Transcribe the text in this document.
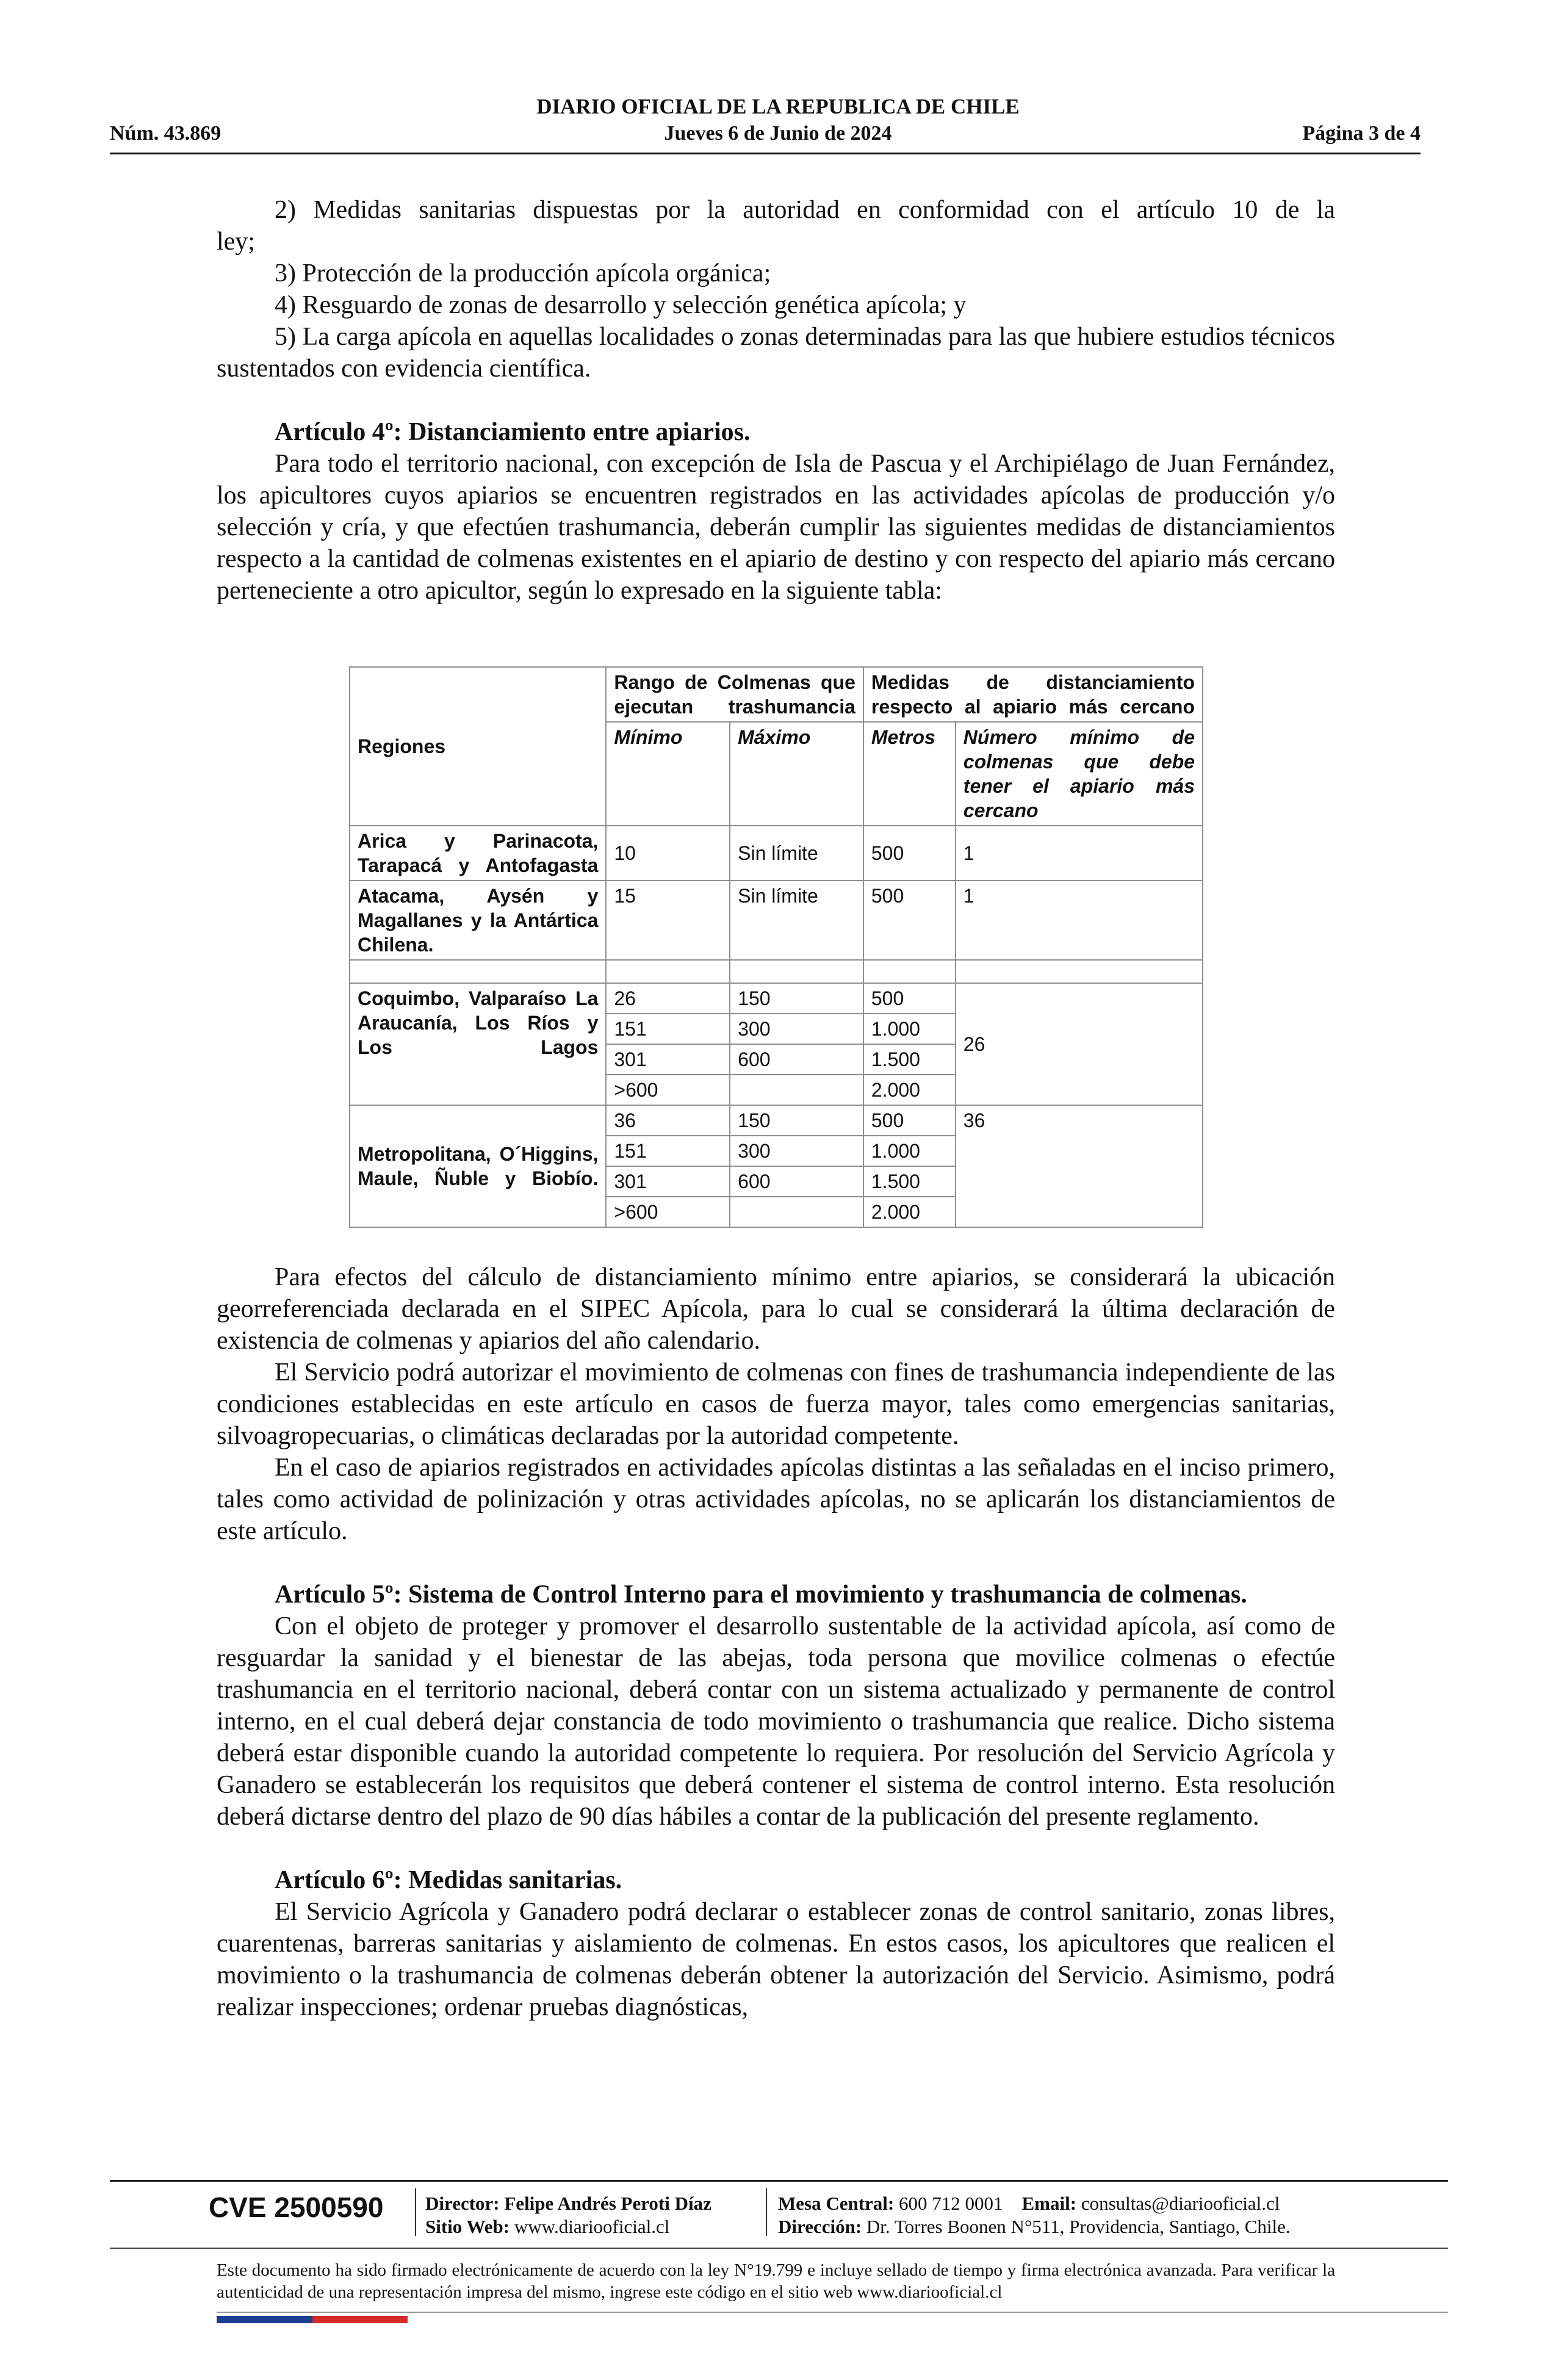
DIARIO OFICIAL DE LA REPUBLICA DE CHILE
Jueves 6 de Junio de 2024
Núm. 43.869	Página 3 de 4

2) Medidas sanitarias dispuestas por la autoridad en conformidad con el artículo 10 de la

ley;

3) Protección de la producción apícola orgánica;

4) Resguardo de zonas de desarrollo y selección genética apícola; y

5) La carga apícola en aquellas localidades o zonas determinadas para las que hubiere estudios técnicos sustentados con evidencia científica.

Artículo 4º: Distanciamiento entre apiarios.

Para todo el territorio nacional, con excepción de Isla de Pascua y el Archipiélago de Juan Fernández, los apicultores cuyos apiarios se encuentren registrados en las actividades apícolas de producción y/o selección y cría, y que efectúen trashumancia, deberán cumplir las siguientes medidas de distanciamientos respecto a la cantidad de colmenas existentes en el apiario de destino y con respecto del apiario más cercano perteneciente a otro apicultor, según lo expresado en la siguiente tabla:

Regiones	Rango de Colmenas que ejecutan trashumancia		Medidas de distanciamiento respecto al apiario más cercano	
	Mínimo	Máximo	Metros	Número mínimo de colmenas que debe tener el apiario más cercano
Arica y Parinacota, Tarapacá y Antofagasta	10	Sin límite	500	1
Atacama, Aysén y Magallanes y la Antártica Chilena.	15	Sin límite	500	1

Coquimbo, Valparaíso La Araucanía, Los Ríos y Los Lagos	26	150	500	26
	151	300	1.000	
	301	600	1.500	
	>600		2.000	
Metropolitana, O´Higgins, Maule, Ñuble y Biobío.	36	150	500	36
	151	300	1.000	
	301	600	1.500	
	>600		2.000	

Para efectos del cálculo de distanciamiento mínimo entre apiarios, se considerará la ubicación georreferenciada declarada en el SIPEC Apícola, para lo cual se considerará la última declaración de existencia de colmenas y apiarios del año calendario.

El Servicio podrá autorizar el movimiento de colmenas con fines de trashumancia independiente de las condiciones establecidas en este artículo en casos de fuerza mayor, tales como emergencias sanitarias, silvoagropecuarias, o climáticas declaradas por la autoridad competente.

En el caso de apiarios registrados en actividades apícolas distintas a las señaladas en el inciso primero, tales como actividad de polinización y otras actividades apícolas, no se aplicarán los distanciamientos de este artículo.

Artículo 5º: Sistema de Control Interno para el movimiento y trashumancia de colmenas.

Con el objeto de proteger y promover el desarrollo sustentable de la actividad apícola, así como de resguardar la sanidad y el bienestar de las abejas, toda persona que movilice colmenas o efectúe trashumancia en el territorio nacional, deberá contar con un sistema actualizado y permanente de control interno, en el cual deberá dejar constancia de todo movimiento o trashumancia que realice. Dicho sistema deberá estar disponible cuando la autoridad competente lo requiera. Por resolución del Servicio Agrícola y Ganadero se establecerán los requisitos que deberá contener el sistema de control interno. Esta resolución deberá dictarse dentro del plazo de 90 días hábiles a contar de la publicación del presente reglamento.

Artículo 6º: Medidas sanitarias.

El Servicio Agrícola y Ganadero podrá declarar o establecer zonas de control sanitario, zonas libres, cuarentenas, barreras sanitarias y aislamiento de colmenas. En estos casos, los apicultores que realicen el movimiento o la trashumancia de colmenas deberán obtener la autorización del Servicio. Asimismo, podrá realizar inspecciones; ordenar pruebas diagnósticas,

CVE 2500590 Director: Felipe Andrés Peroti Díaz
Sitio Web: www.diariooficial.cl
Mesa Central: 600 712 0001 Email: consultas@diariooficial.cl
Dirección: Dr. Torres Boonen N°511, Providencia, Santiago, Chile.
Este documento ha sido firmado electrónicamente de acuerdo con la ley N°19.799 e incluye sellado de tiempo y firma electrónica avanzada. Para verificar la autenticidad de una representación impresa del mismo, ingrese este código en el sitio web www.diariooficial.cl
